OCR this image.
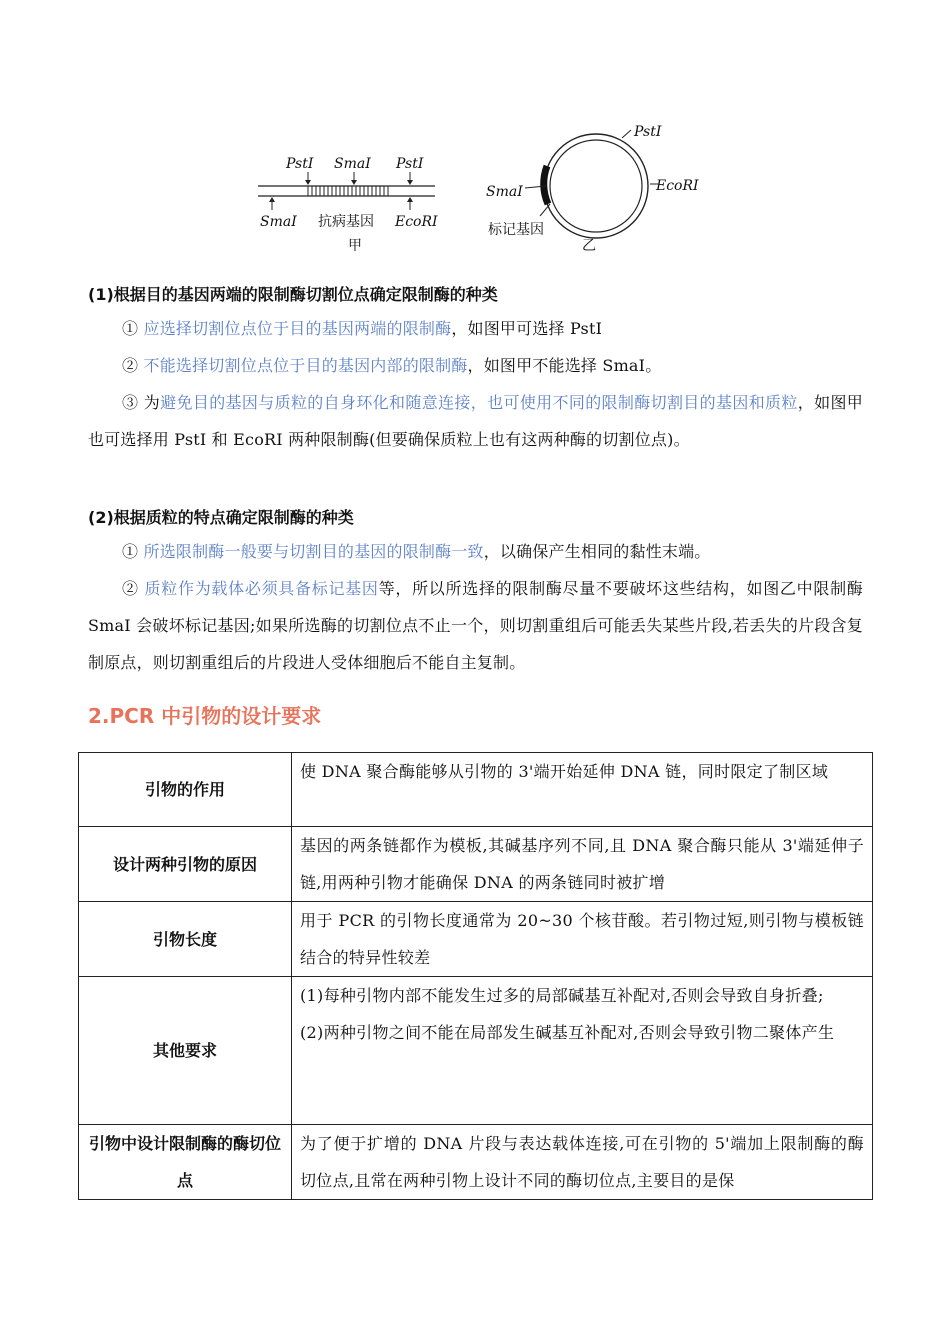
PstⅠ SmaⅠ PstⅠ
SmaⅠ 抗病基因 EcoRⅠ
甲
PstⅠ
SmaⅠ	EcoRⅠ
标记基因
乙
(1)根据目的基因两端的限制酶切割位点确定限制酶的种类
① 应选择切割位点位于目的基因两端的限制酶，如图甲可选择 PstI
② 不能选择切割位点位于目的基因内部的限制酶，如图甲不能选择 SmaI。
③ 为避免目的基因与质粒的自身环化和随意连接，也可使用不同的限制酶切割目的基因和质粒，如图甲也可选择用 PstI 和 EcoRI 两种限制酶(但要确保质粒上也有这两种酶的切割位点)。
(2)根据质粒的特点确定限制酶的种类
① 所选限制酶一般要与切割目的基因的限制酶一致，以确保产生相同的黏性末端。
② 质粒作为载体必须具备标记基因等，所以所选择的限制酶尽量不要破坏这些结构，如图乙中限制酶 SmaI 会破坏标记基因;如果所选酶的切割位点不止一个，则切割重组后可能丢失某些片段,若丢失的片段含复制原点，则切割重组后的片段进人受体细胞后不能自主复制。
2.PCR 中引物的设计要求
引物的作用	使 DNA 聚合酶能够从引物的 3'端开始延伸 DNA 链，同时限定了制区域
设计两种引物的原因	基因的两条链都作为模板,其碱基序列不同,且 DNA 聚合酶只能从 3'端延伸子链,用两种引物才能确保 DNA 的两条链同时被扩增
引物长度	用于 PCR 的引物长度通常为 20~30 个核苷酸。若引物过短,则引物与模板链结合的特异性较差
其他要求	(1)每种引物内部不能发生过多的局部碱基互补配对,否则会导致自身折叠;
(2)两种引物之间不能在局部发生碱基互补配对,否则会导致引物二聚体产生

引物中设计限制酶的酶切位点	为了便于扩增的 DNA 片段与表达载体连接,可在引物的 5'端加上限制酶的酶切位点,且常在两种引物上设计不同的酶切位点,主要目的是保
